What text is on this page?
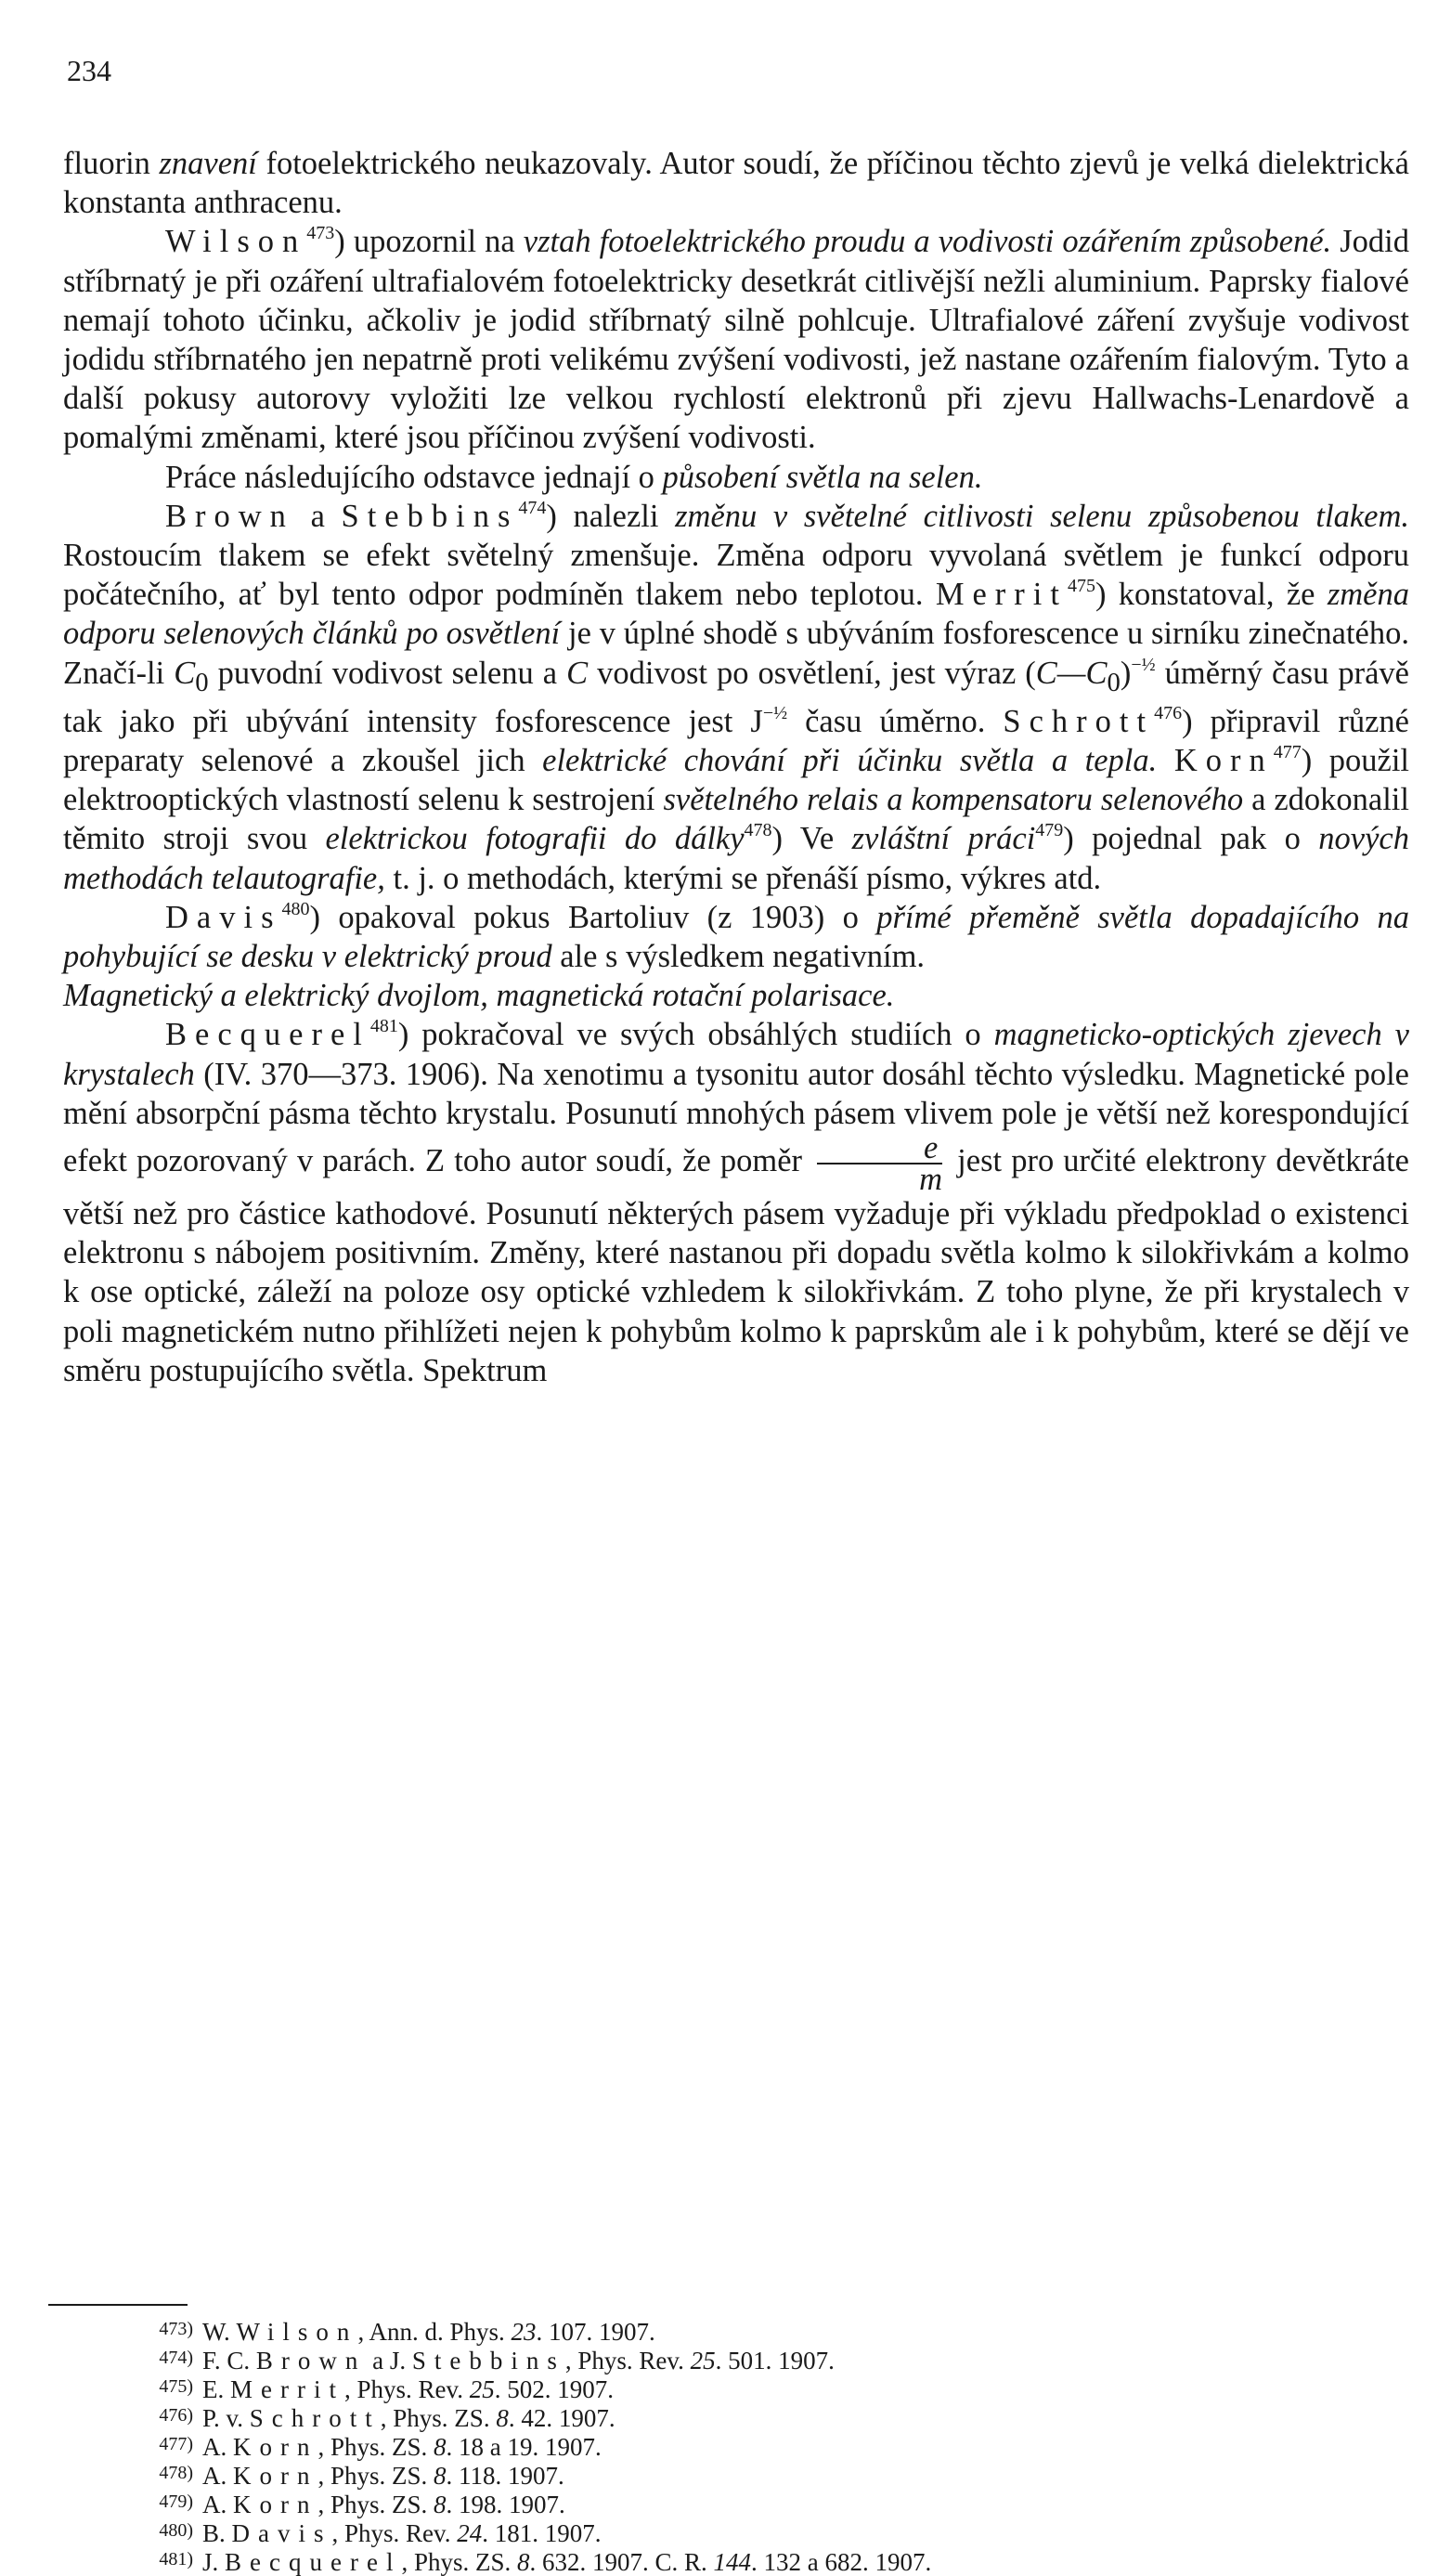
234

fluorin znavení fotoelektrického neukazovaly. Autor soudí, že příčinou těchto zjevů je velká dielektrická konstanta anthracenu.

Wilson$^{473}$) upozornil na vztah fotoelektrického proudu a vodivosti ozářením způsobené. Jodid stříbrnatý je při ozáření ultrafialovém fotoelektricky desetkrát citlivější nežli aluminium. Paprsky fialové nemají tohoto účinku, ačkoliv je jodid stříbrnatý silně pohlcuje. Ultrafialové záření zvyšuje vodivost jodidu stříbrnatého jen nepatrně proti velikému zvýšení vodivosti, jež nastane ozářením fialovým. Tyto a další pokusy autorovy vyložiti lze velkou rychlostí elektronů při zjevu Hallwachs-Lenardově a pomalými změnami, které jsou příčinou zvýšení vodivosti.

Práce následujícího odstavce jednají o působení světla na selen.

Brown a Stebbins$^{474}$) nalezli změnu v světelné citlivosti selenu způsobenou tlakem. Rostoucím tlakem se efekt světelný zmenšuje. Změna odporu vyvolaná světlem je funkcí odporu počátečního, ať byl tento odpor podmíněn tlakem nebo teplotou. Merrit$^{475}$) konstatoval, že změna odporu selenových článků po osvětlení je v úplné shodě s ubýváním fosforescence u sirníku zinečnatého. Značí-li $C_0$ puvodní vodivost selenu a C vodivost po osvětlení, jest výraz $(C—C_0)^{-\frac{1}{2}}$ úměrný času právě tak jako při ubývání intensity fosforescence jest $J^{-\frac{1}{2}}$ času úměrno. Schrott$^{476}$) připravil různé preparaty selenové a zkoušel jich elektrické chování při účinku světla a tepla. Korn$^{477}$) použil elektrooptických vlastností selenu k sestrojení světelného relais a kompensatoru selenového a zdokonalil těmito stroji svou elektrickou fotografii do dálky$^{478}$) Ve zvláštní práci$^{479}$) pojednal pak o nových methodách telautografie, t. j. o methodách, kterými se přenáší písmo, výkres atd.

Davis$^{480}$) opakoval pokus Bartoliuv (z 1903) o přímé přeměně světla dopadajícího na pohybující se desku v elektrický proud ale s výsledkem negativním.

Magnetický a elektrický dvojlom, magnetická rotační polarisace.

Becquerel$^{481}$) pokračoval ve svých obsáhlých studiích o magneticko-optických zjevech v krystalech (IV. 370—373. 1906). Na xenotimu a tysonitu autor dosáhl těchto výsledku. Magnetické pole mění absorpční pásma těchto krystalu. Posunutí mnohých pásem vlivem pole je větší než korespondující efekt pozorovaný v parách. Z toho autor soudí, že poměr $\frac{e}{m}$ jest pro určité elektrony devětkráte větší než pro částice kathodové. Posunutí některých pásem vyžaduje při výkladu předpoklad o existenci elektronu s nábojem positivním. Změny, které nastanou při dopadu světla kolmo k silokřivkám a kolmo k ose optické, záleží na poloze osy optické vzhledem k silokřivkám. Z toho plyne, že při krystalech v poli magnetickém nutno přihlížeti nejen k pohybům kolmo k paprskům ale i k pohybům, které se dějí ve směru postupujícího světla. Spektrum

473) W. Wilson, Ann. d. Phys. 23. 107. 1907.
474) F. C. Brown a J. Stebbins, Phys. Rev. 25. 501. 1907.
475) E. Merrit, Phys. Rev. 25. 502. 1907.
476) P. v. Schrott, Phys. ZS. 8. 42. 1907.
477) A. Korn, Phys. ZS. 8. 18 a 19. 1907.
478) A. Korn, Phys. ZS. 8. 118. 1907.
479) A. Korn, Phys. ZS. 8. 198. 1907.
480) B. Davis, Phys. Rev. 24. 181. 1907.
481) J. Becquerel, Phys. ZS. 8. 632. 1907. C. R. 144. 132 a 682. 1907.
